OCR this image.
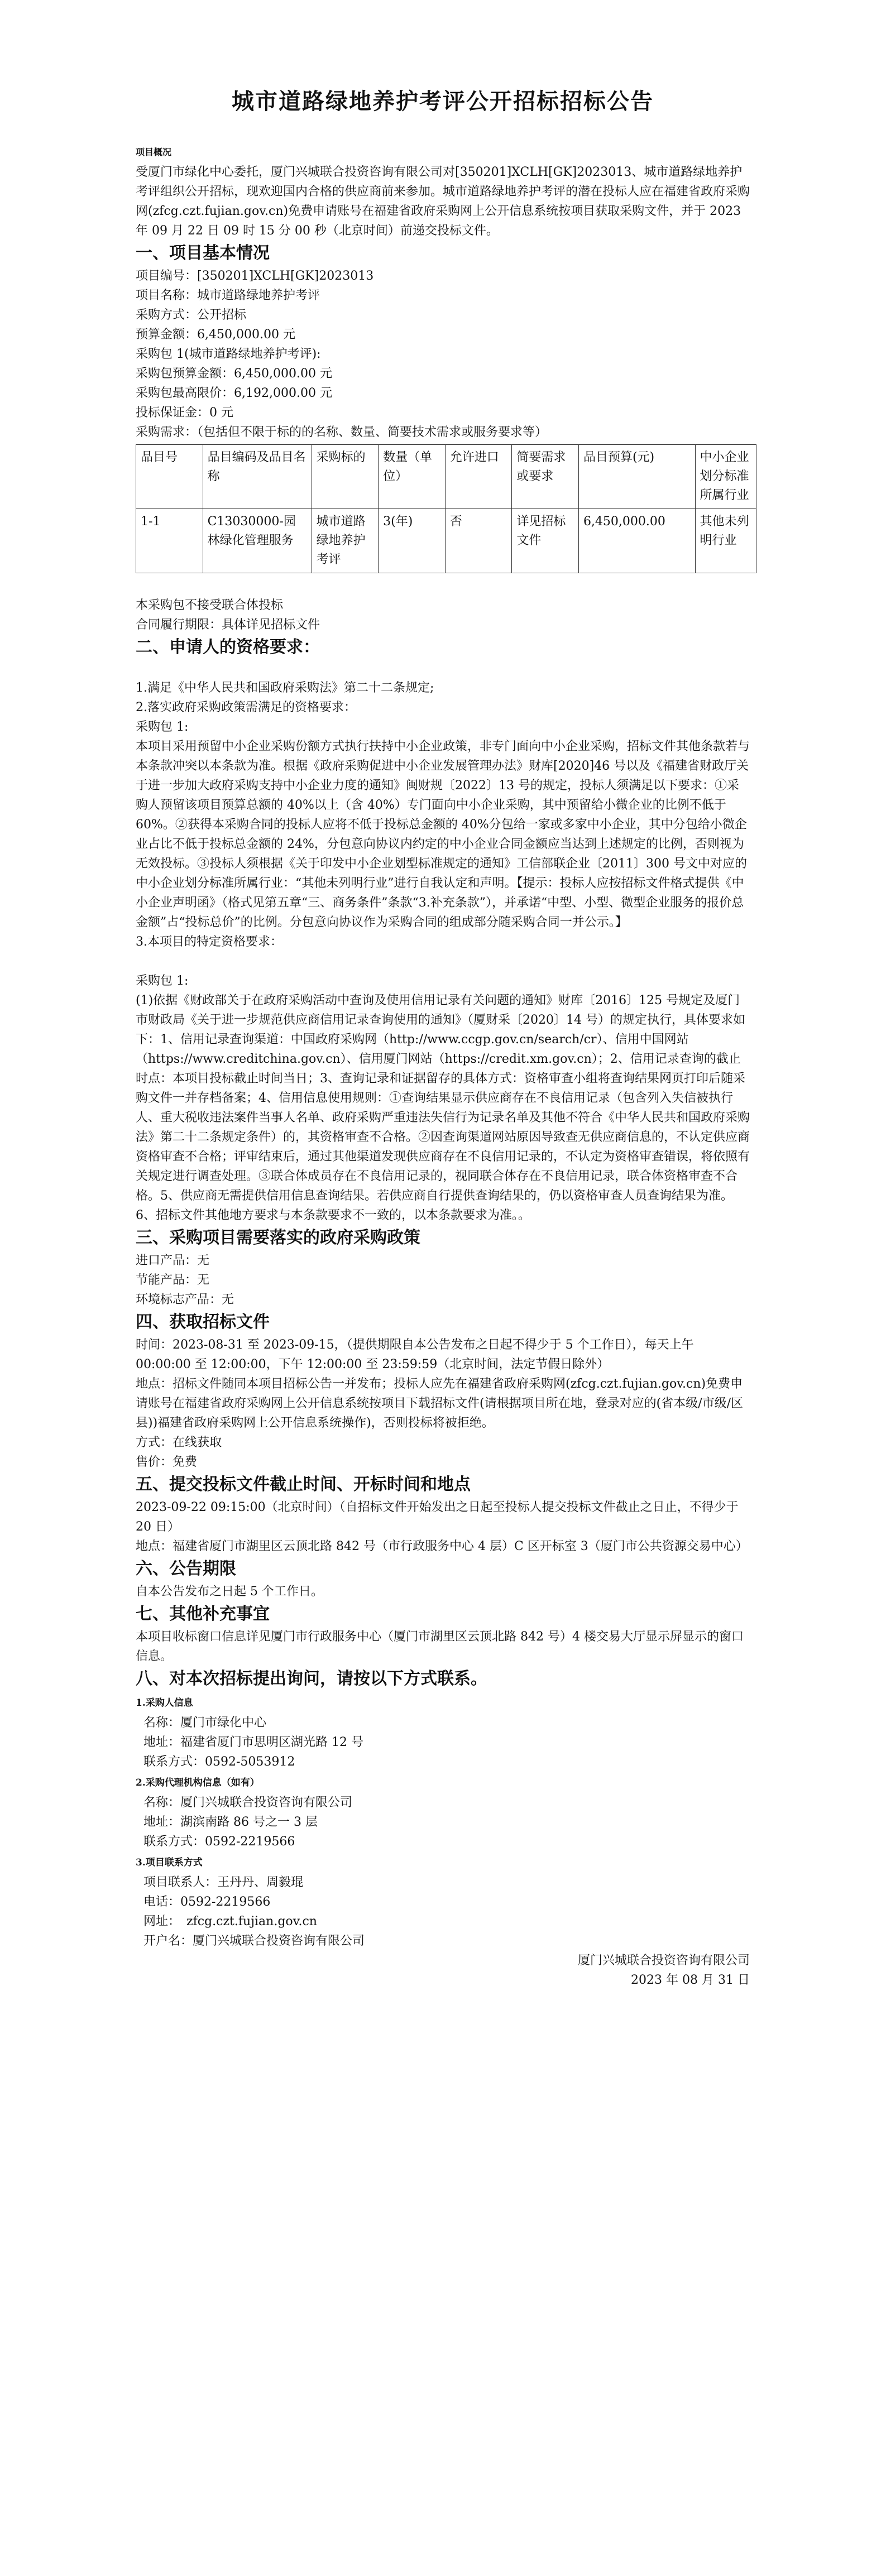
城市道路绿地养护考评公开招标招标公告
项目概况

受厦门市绿化中心委托，厦门兴城联合投资咨询有限公司对[350201]XCLH[GK]2023013、城市道路绿地养护考评组织公开招标，现欢迎国内合格的供应商前来参加。城市道路绿地养护考评的潜在投标人应在福建省政府采购网(zfcg.czt.fujian.gov.cn)免费申请账号在福建省政府采购网上公开信息系统按项目获取采购文件，并于 2023 年 09 月 22 日 09 时 15 分 00 秒（北京时间）前递交投标文件。

一、项目基本情况

项目编号：[350201]XCLH[GK]2023013

项目名称：城市道路绿地养护考评

采购方式：公开招标

预算金额：6,450,000.00 元

采购包 1(城市道路绿地养护考评):

采购包预算金额：6,450,000.00 元

采购包最高限价：6,192,000.00 元

投标保证金：0 元

采购需求：（包括但不限于标的的名称、数量、简要技术需求或服务要求等）

品目号	品目编码及品目名称	采购标的	数量（单位）	允许进口	简要需求或要求	品目预算(元)	中小企业划分标准所属行业
1-1	C13030000-园林绿化管理服务	城市道路绿地养护考评	3(年)	否	详见招标文件	6,450,000.00	其他未列明行业

本采购包不接受联合体投标

合同履行期限：具体详见招标文件

二、申请人的资格要求：

1.满足《中华人民共和国政府采购法》第二十二条规定;

2.落实政府采购政策需满足的资格要求：

采购包 1:

本项目采用预留中小企业采购份额方式执行扶持中小企业政策，非专门面向中小企业采购，招标文件其他条款若与本条款冲突以本条款为准。根据《政府采购促进中小企业发展管理办法》财库[2020]46 号以及《福建省财政厅关于进一步加大政府采购支持中小企业力度的通知》闽财规〔2022〕13 号的规定，投标人须满足以下要求：①采购人预留该项目预算总额的 40%以上（含 40%）专门面向中小企业采购，其中预留给小微企业的比例不低于 60%。②获得本采购合同的投标人应将不低于投标总金额的 40%分包给一家或多家中小企业，其中分包给小微企业占比不低于投标总金额的 24%，分包意向协议内约定的中小企业合同金额应当达到上述规定的比例，否则视为无效投标。③投标人须根据《关于印发中小企业划型标准规定的通知》工信部联企业〔2011〕300 号文中对应的中小企业划分标准所属行业：“其他未列明行业”进行自我认定和声明。【提示：投标人应按招标文件格式提供《中小企业声明函》（格式见第五章“三、商务条件”条款“3.补充条款”），并承诺“中型、小型、微型企业服务的报价总金额”占“投标总价”的比例。分包意向协议作为采购合同的组成部分随采购合同一并公示。】

3.本项目的特定资格要求：

采购包 1:

(1)依据《财政部关于在政府采购活动中查询及使用信用记录有关问题的通知》财库〔2016〕125 号规定及厦门市财政局《关于进一步规范供应商信用记录查询使用的通知》（厦财采〔2020〕14 号）的规定执行，具体要求如下：1、信用记录查询渠道：中国政府采购网（http://www.ccgp.gov.cn/search/cr）、信用中国网站（https://www.creditchina.gov.cn）、信用厦门网站（https://credit.xm.gov.cn）；2、信用记录查询的截止时点：本项目投标截止时间当日；3、查询记录和证据留存的具体方式：资格审查小组将查询结果网页打印后随采购文件一并存档备案；4、信用信息使用规则：①查询结果显示供应商存在不良信用记录（包含列入失信被执行人、重大税收违法案件当事人名单、政府采购严重违法失信行为记录名单及其他不符合《中华人民共和国政府采购法》第二十二条规定条件）的，其资格审查不合格。②因查询渠道网站原因导致查无供应商信息的，不认定供应商资格审查不合格；评审结束后，通过其他渠道发现供应商存在不良信用记录的，不认定为资格审查错误，将依照有关规定进行调查处理。③联合体成员存在不良信用记录的，视同联合体存在不良信用记录，联合体资格审查不合格。5、供应商无需提供信用信息查询结果。若供应商自行提供查询结果的，仍以资格审查人员查询结果为准。6、招标文件其他地方要求与本条款要求不一致的，以本条款要求为准。。

三、采购项目需要落实的政府采购政策

进口产品：无

节能产品：无

环境标志产品：无

四、获取招标文件

时间：2023-08-31 至 2023-09-15，（提供期限自本公告发布之日起不得少于 5 个工作日），每天上午 00:00:00 至 12:00:00，下午 12:00:00 至 23:59:59（北京时间，法定节假日除外）

地点：招标文件随同本项目招标公告一并发布；投标人应先在福建省政府采购网(zfcg.czt.fujian.gov.cn)免费申请账号在福建省政府采购网上公开信息系统按项目下载招标文件(请根据项目所在地，登录对应的(省本级/市级/区县))福建省政府采购网上公开信息系统操作)，否则投标将被拒绝。

方式：在线获取

售价：免费

五、提交投标文件截止时间、开标时间和地点

2023-09-22 09:15:00（北京时间）（自招标文件开始发出之日起至投标人提交投标文件截止之日止，不得少于 20 日）

地点：福建省厦门市湖里区云顶北路 842 号（市行政服务中心 4 层）C 区开标室 3（厦门市公共资源交易中心）

六、公告期限

自本公告发布之日起 5 个工作日。

七、其他补充事宜

本项目收标窗口信息详见厦门市行政服务中心（厦门市湖里区云顶北路 842 号）4 楼交易大厅显示屏显示的窗口信息。

八、对本次招标提出询问，请按以下方式联系。
1.采购人信息

名称：厦门市绿化中心

地址：福建省厦门市思明区湖光路 12 号

联系方式：0592-5053912

2.采购代理机构信息（如有）

名称：厦门兴城联合投资咨询有限公司

地址：湖滨南路 86 号之一 3 层

联系方式：0592-2219566

3.项目联系方式

项目联系人：王丹丹、周毅琨

电话：0592-2219566

网址：　zfcg.czt.fujian.gov.cn

开户名：厦门兴城联合投资咨询有限公司

厦门兴城联合投资咨询有限公司
2023 年 08 月 31 日
